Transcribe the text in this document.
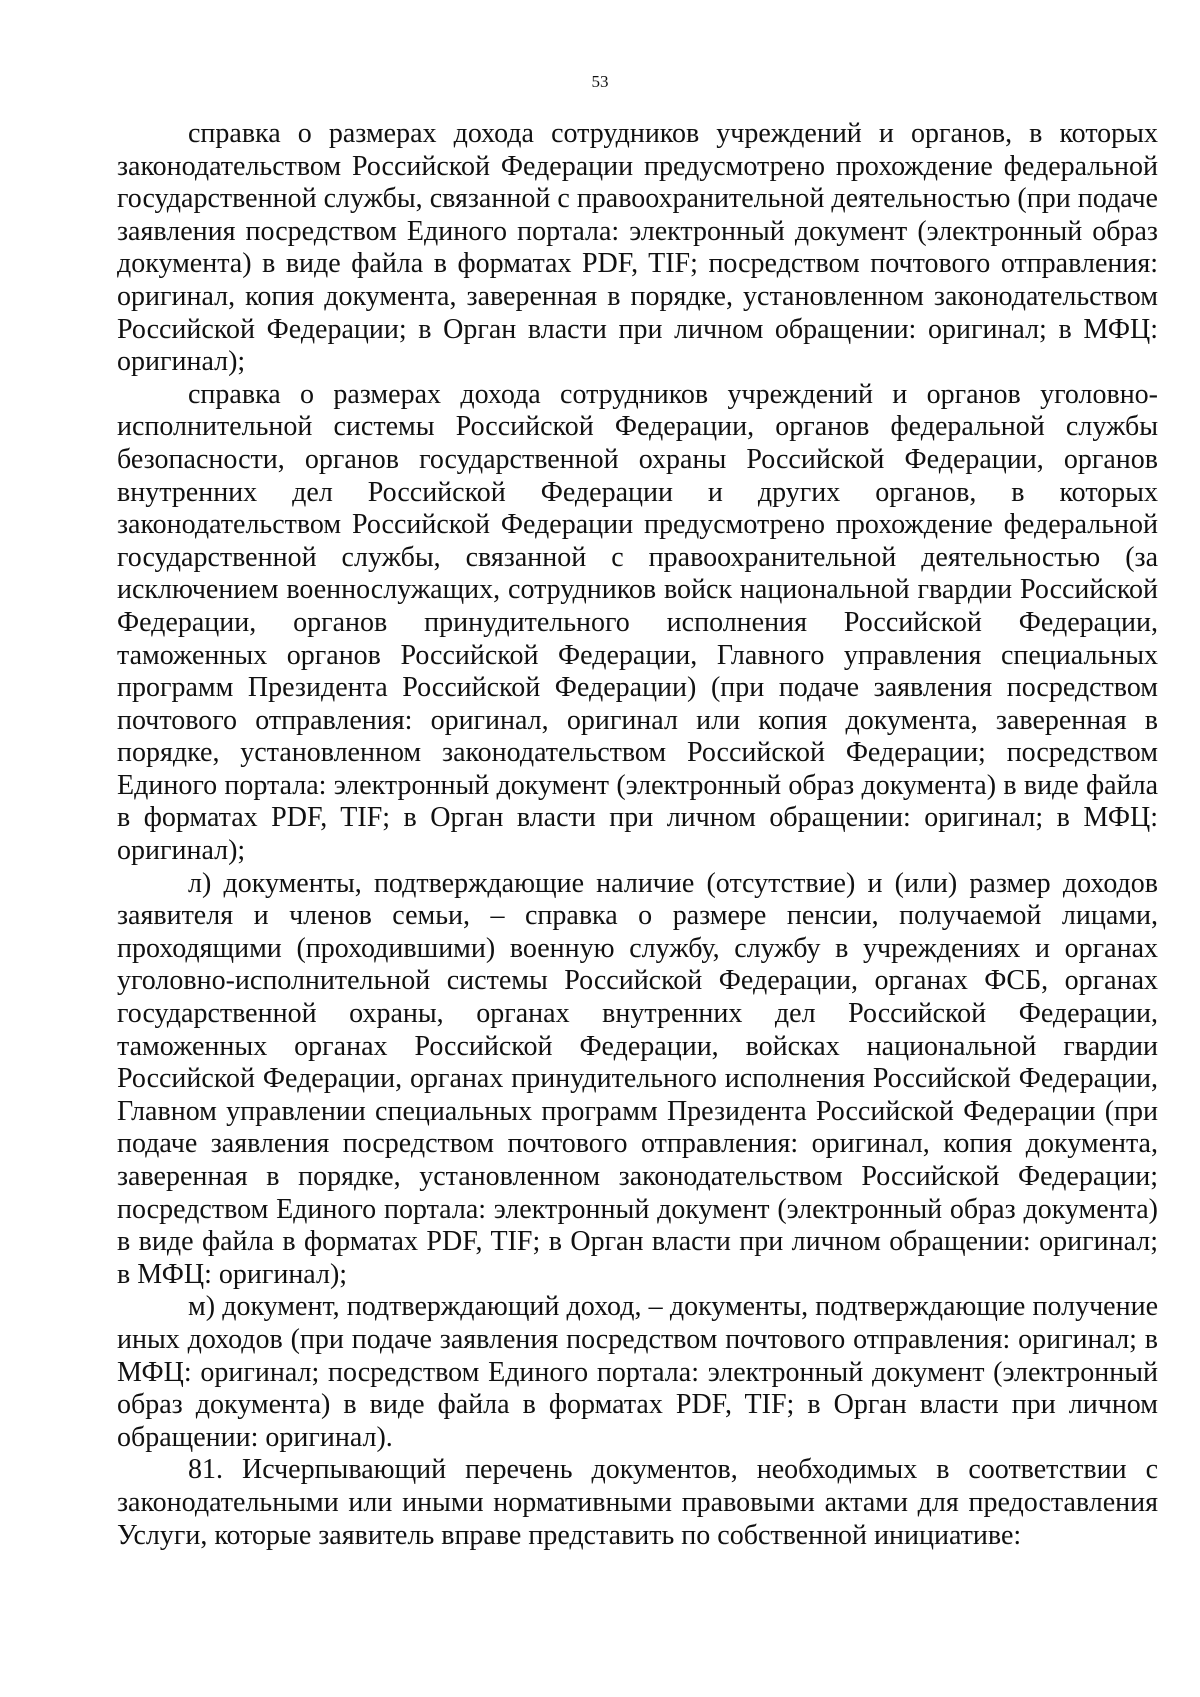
53

справка о размерах дохода сотрудников учреждений и органов, в которых законодательством Российской Федерации предусмотрено прохождение федеральной государственной службы, связанной с правоохранительной деятельностью (при подаче заявления посредством Единого портала: электронный документ (электронный образ документа) в виде файла в форматах PDF, TIF; посредством почтового отправления: оригинал, копия документа, заверенная в порядке, установленном законодательством Российской Федерации; в Орган власти при личном обращении: оригинал; в МФЦ: оригинал);

справка о размерах дохода сотрудников учреждений и органов уголовно-исполнительной системы Российской Федерации, органов федеральной службы безопасности, органов государственной охраны Российской Федерации, органов внутренних дел Российской Федерации и других органов, в которых законодательством Российской Федерации предусмотрено прохождение федеральной государственной службы, связанной с правоохранительной деятельностью (за исключением военнослужащих, сотрудников войск национальной гвардии Российской Федерации, органов принудительного исполнения Российской Федерации, таможенных органов Российской Федерации, Главного управления специальных программ Президента Российской Федерации) (при подаче заявления посредством почтового отправления: оригинал, оригинал или копия документа, заверенная в порядке, установленном законодательством Российской Федерации; посредством Единого портала: электронный документ (электронный образ документа) в виде файла в форматах PDF, TIF; в Орган власти при личном обращении: оригинал; в МФЦ: оригинал);

л) документы, подтверждающие наличие (отсутствие) и (или) размер доходов заявителя и членов семьи, – справка о размере пенсии, получаемой лицами, проходящими (проходившими) военную службу, службу в учреждениях и органах уголовно-исполнительной системы Российской Федерации, органах ФСБ, органах государственной охраны, органах внутренних дел Российской Федерации, таможенных органах Российской Федерации, войсках национальной гвардии Российской Федерации, органах принудительного исполнения Российской Федерации, Главном управлении специальных программ Президента Российской Федерации (при подаче заявления посредством почтового отправления: оригинал, копия документа, заверенная в порядке, установленном законодательством Российской Федерации; посредством Единого портала: электронный документ (электронный образ документа) в виде файла в форматах PDF, TIF; в Орган власти при личном обращении: оригинал; в МФЦ: оригинал);

м) документ, подтверждающий доход, – документы, подтверждающие получение иных доходов (при подаче заявления посредством почтового отправления: оригинал; в МФЦ: оригинал; посредством Единого портала: электронный документ (электронный образ документа) в виде файла в форматах PDF, TIF; в Орган власти при личном обращении: оригинал).

81. Исчерпывающий перечень документов, необходимых в соответствии с законодательными или иными нормативными правовыми актами для предоставления Услуги, которые заявитель вправе представить по собственной инициативе:
